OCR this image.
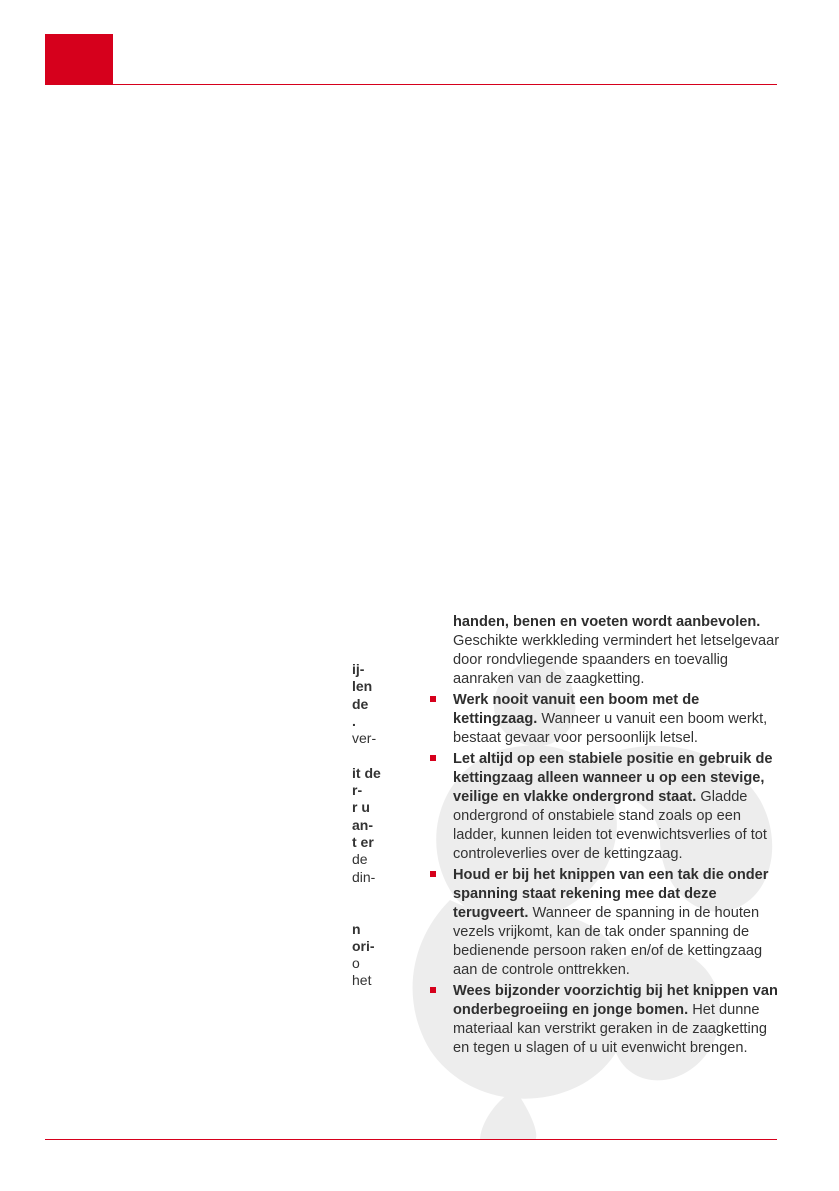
ij-
len
de
.
ver-
it de
r-
r u
an-
t er
de
din-
n
ori-
o
het

handen, benen en voeten wordt aanbevolen. Geschikte werkkleding vermindert het letselgevaar door rondvliegende spaanders en toevallig aanraken van de zaagketting.

Werk nooit vanuit een boom met de kettingzaag. Wanneer u vanuit een boom werkt, bestaat gevaar voor persoonlijk letsel.
Let altijd op een stabiele positie en gebruik de kettingzaag alleen wanneer u op een stevige, veilige en vlakke ondergrond staat. Gladde ondergrond of onstabiele stand zoals op een ladder, kunnen leiden tot evenwichtsverlies of tot controleverlies over de kettingzaag.
Houd er bij het knippen van een tak die onder spanning staat rekening mee dat deze terugveert. Wanneer de spanning in de houten vezels vrijkomt, kan de tak onder spanning de bedienende persoon raken en/of de kettingzaag aan de controle onttrekken.
Wees bijzonder voorzichtig bij het knippen van onderbegroeiing en jonge bomen. Het dunne materiaal kan verstrikt geraken in de zaagketting en tegen u slagen of u uit evenwicht brengen.
